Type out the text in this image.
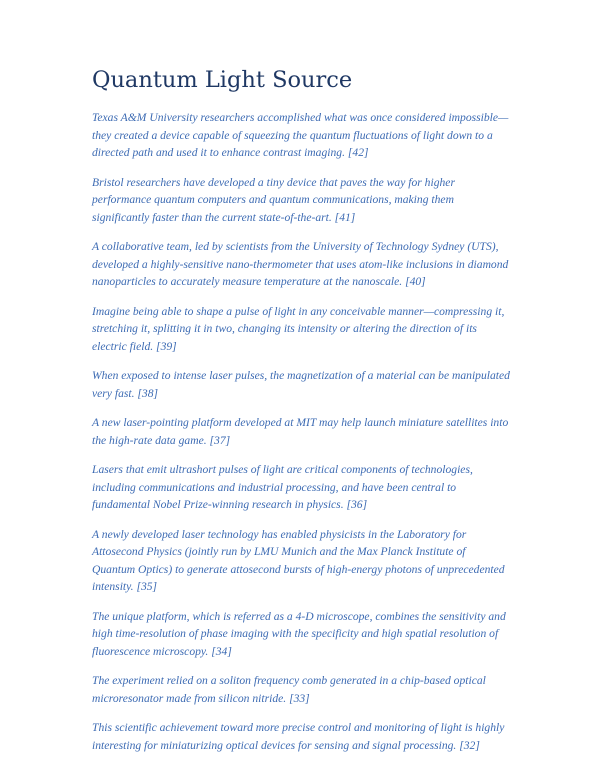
Quantum Light Source

Texas A&M University researchers accomplished what was once considered impossible—they created a device capable of squeezing the quantum fluctuations of light down to a directed path and used it to enhance contrast imaging. [42]

Bristol researchers have developed a tiny device that paves the way for higher performance quantum computers and quantum communications, making them significantly faster than the current state-of-the-art. [41]

A collaborative team, led by scientists from the University of Technology Sydney (UTS), developed a highly-sensitive nano-thermometer that uses atom-like inclusions in diamond nanoparticles to accurately measure temperature at the nanoscale. [40]

Imagine being able to shape a pulse of light in any conceivable manner—compressing it, stretching it, splitting it in two, changing its intensity or altering the direction of its electric field. [39]

When exposed to intense laser pulses, the magnetization of a material can be manipulated very fast. [38]

A new laser-pointing platform developed at MIT may help launch miniature satellites into the high-rate data game. [37]

Lasers that emit ultrashort pulses of light are critical components of technologies, including communications and industrial processing, and have been central to fundamental Nobel Prize-winning research in physics. [36]

A newly developed laser technology has enabled physicists in the Laboratory for Attosecond Physics (jointly run by LMU Munich and the Max Planck Institute of Quantum Optics) to generate attosecond bursts of high-energy photons of unprecedented intensity. [35]

The unique platform, which is referred as a 4-D microscope, combines the sensitivity and high time-resolution of phase imaging with the specificity and high spatial resolution of fluorescence microscopy. [34]

The experiment relied on a soliton frequency comb generated in a chip-based optical microresonator made from silicon nitride. [33]

This scientific achievement toward more precise control and monitoring of light is highly interesting for miniaturizing optical devices for sensing and signal processing. [32]
